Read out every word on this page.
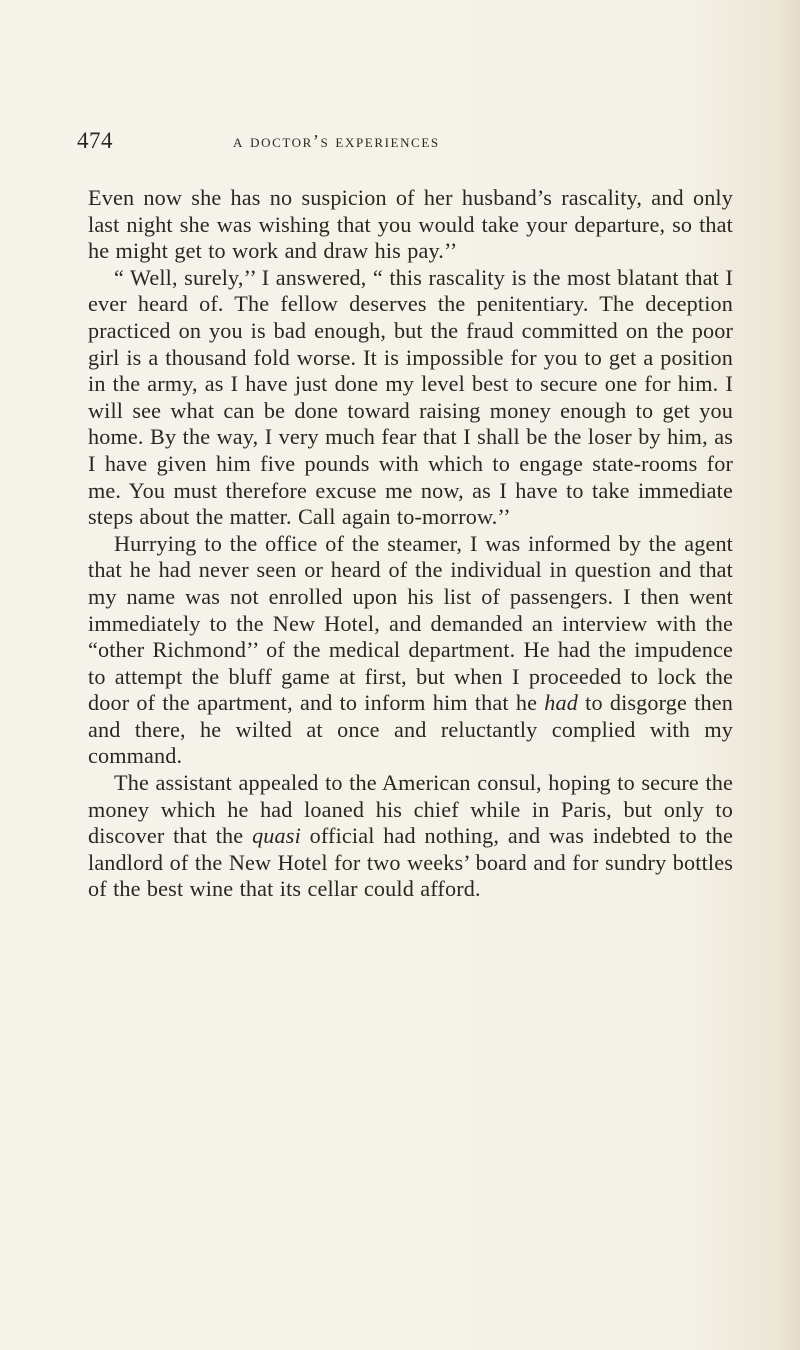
474	a doctor’s experiences

Even now she has no suspicion of her husband’s rascality, and only last night she was wishing that you would take your departure, so that he might get to work and draw his pay.’’

“ Well, surely,’’ I answered, “ this rascality is the most blatant that I ever heard of. The fellow deserves the penitentiary. The deception practiced on you is bad enough, but the fraud committed on the poor girl is a thousand fold worse. It is impossible for you to get a position in the army, as I have just done my level best to secure one for him. I will see what can be done toward raising money enough to get you home. By the way, I very much fear that I shall be the loser by him, as I have given him five pounds with which to engage state-rooms for me. You must therefore excuse me now, as I have to take immediate steps about the matter. Call again to-morrow.’’

Hurrying to the office of the steamer, I was informed by the agent that he had never seen or heard of the individual in question and that my name was not enrolled upon his list of passengers. I then went immediately to the New Hotel, and demanded an interview with the “other Richmond’’ of the medical department. He had the impudence to attempt the bluff game at first, but when I proceeded to lock the door of the apartment, and to inform him that he had to disgorge then and there, he wilted at once and reluctantly complied with my command.

The assistant appealed to the American consul, hoping to secure the money which he had loaned his chief while in Paris, but only to discover that the quasi official had nothing, and was indebted to the landlord of the New Hotel for two weeks’ board and for sundry bottles of the best wine that its cellar could afford.
